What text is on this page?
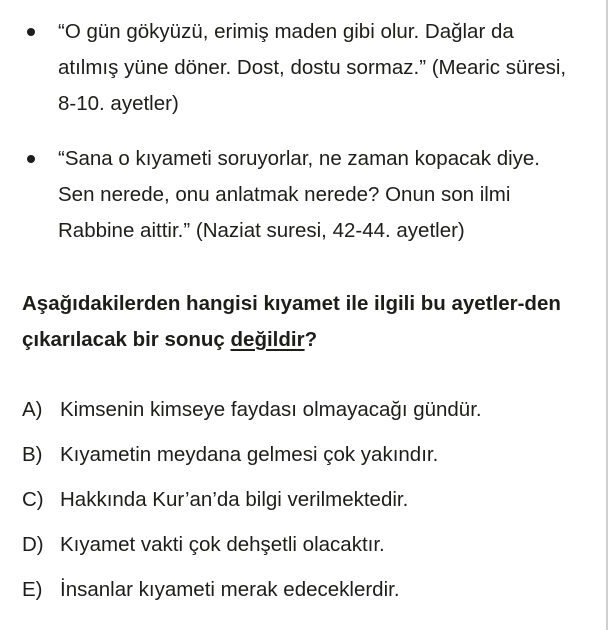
“O gün gökyüzü, erimiş maden gibi olur. Dağlar da atılmış yüne döner. Dost, dostu sormaz.” (Mearic süresi, 8-10. ayetler)
“Sana o kıyameti soruyorlar, ne zaman kopacak diye. Sen nerede, onu anlatmak nerede? Onun son ilmi Rabbine aittir.” (Naziat suresi, 42-44. ayetler)
Aşağıdakilerden hangisi kıyamet ile ilgili bu ayetler-den çıkarılacak bir sonuç değildir?
A) Kimsenin kimseye faydası olmayacağı gündür.
B) Kıyametin meydana gelmesi çok yakındır.
C) Hakkında Kur’an’da bilgi verilmektedir.
D) Kıyamet vakti çok dehşetli olacaktır.
E) İnsanlar kıyameti merak edeceklerdir.
